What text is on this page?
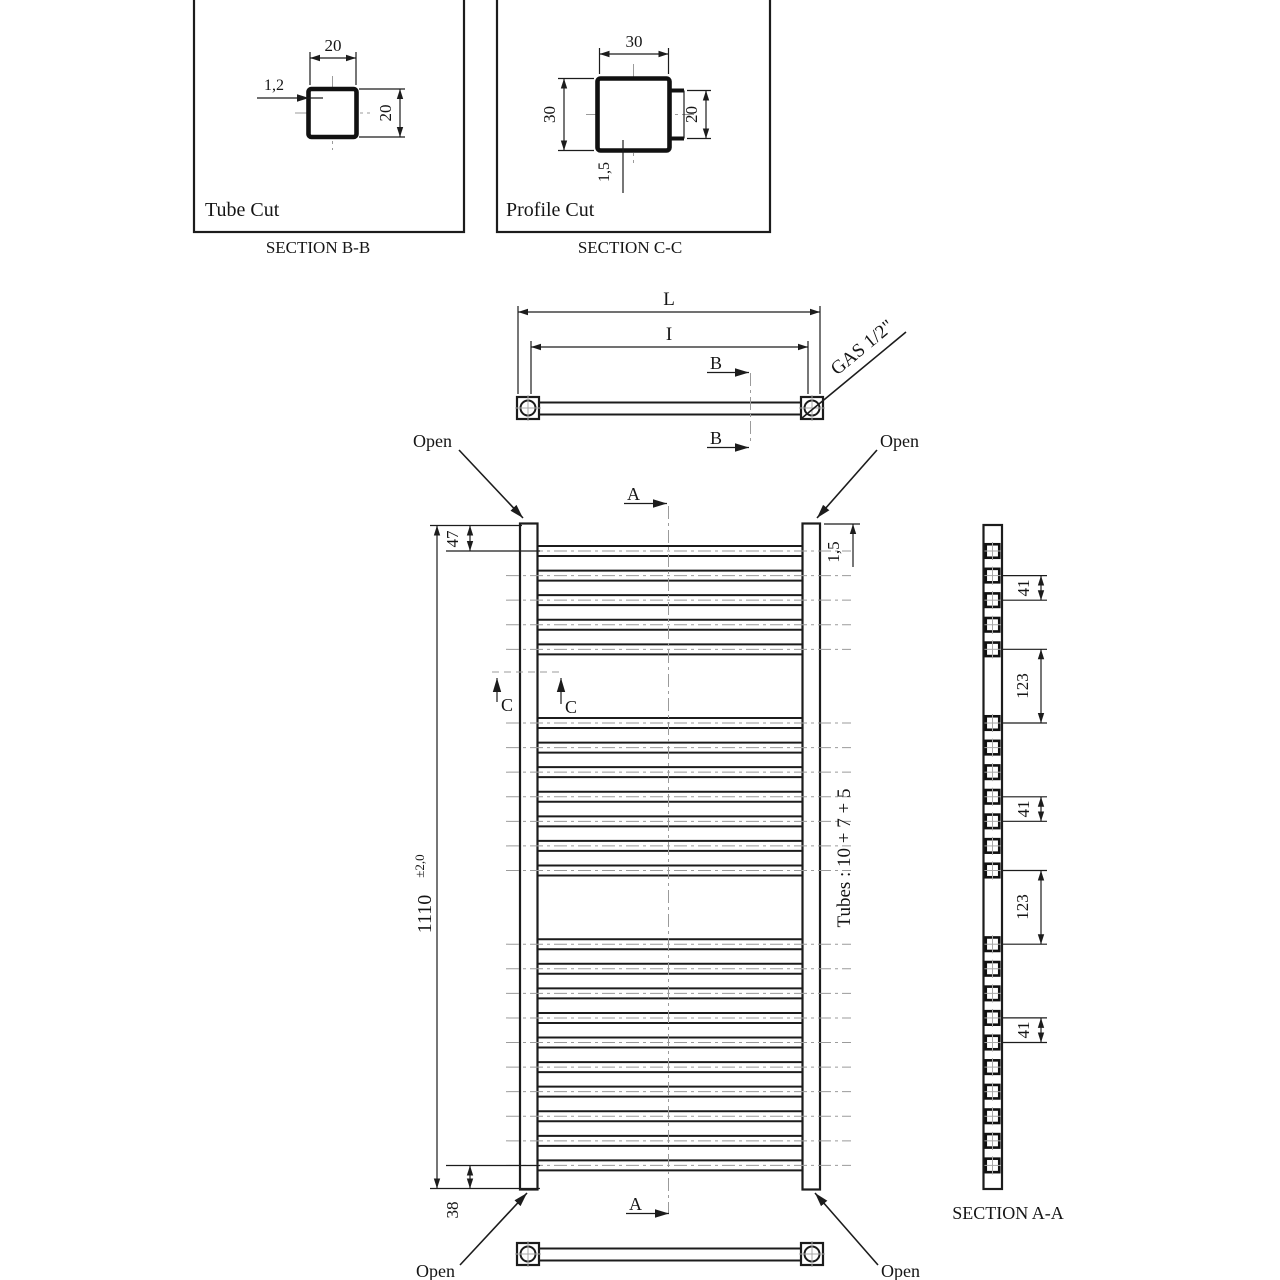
20
20
1,2
Tube Cut
SECTION B-B
30
30	20
1,5
Profile Cut
SECTION C-C
L
I	GAS 1/2"
B
B
A
A
C	C
1110
±2,0
47
38
1,5
Tubes : 10 + 7 + 5
Open	Open
Open	Open
41
123
41
123
41
SECTION A-A
